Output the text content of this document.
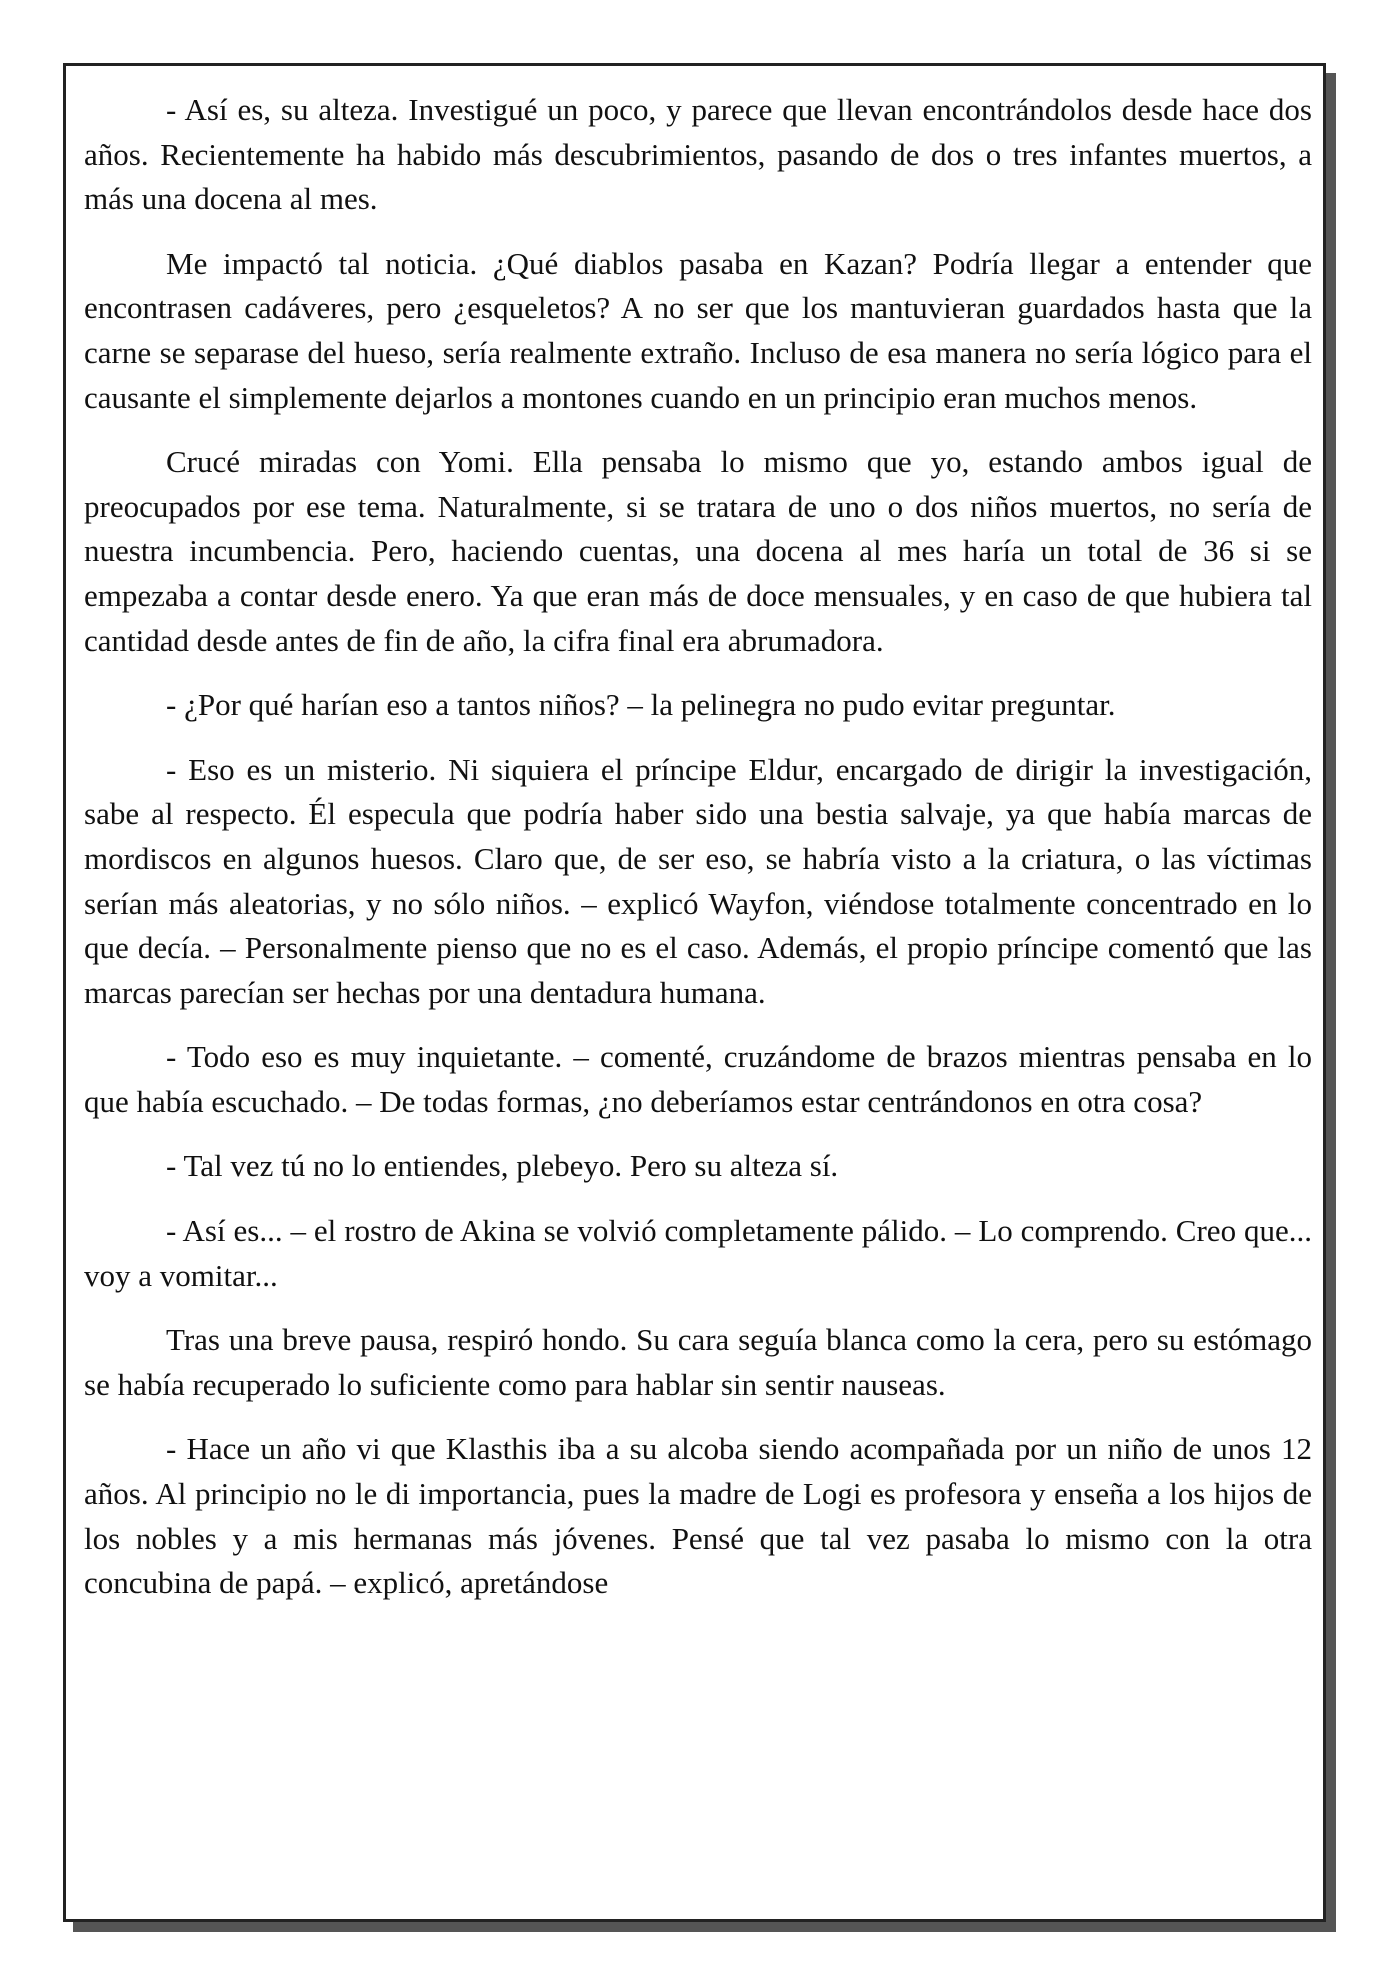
- Así es, su alteza. Investigué un poco, y parece que llevan encontrándolos desde hace dos años. Recientemente ha habido más descubrimientos, pasando de dos o tres infantes muertos, a más una docena al mes.

Me impactó tal noticia. ¿Qué diablos pasaba en Kazan? Podría llegar a entender que encontrasen cadáveres, pero ¿esqueletos? A no ser que los mantuvieran guardados hasta que la carne se separase del hueso, sería realmente extraño. Incluso de esa manera no sería lógico para el causante el simplemente dejarlos a montones cuando en un principio eran muchos menos.

Crucé miradas con Yomi. Ella pensaba lo mismo que yo, estando ambos igual de preocupados por ese tema. Naturalmente, si se tratara de uno o dos niños muertos, no sería de nuestra incumbencia. Pero, haciendo cuentas, una docena al mes haría un total de 36 si se empezaba a contar desde enero. Ya que eran más de doce mensuales, y en caso de que hubiera tal cantidad desde antes de fin de año, la cifra final era abrumadora.

- ¿Por qué harían eso a tantos niños? – la pelinegra no pudo evitar preguntar.

- Eso es un misterio. Ni siquiera el príncipe Eldur, encargado de dirigir la investigación, sabe al respecto. Él especula que podría haber sido una bestia salvaje, ya que había marcas de mordiscos en algunos huesos. Claro que, de ser eso, se habría visto a la criatura, o las víctimas serían más aleatorias, y no sólo niños. – explicó Wayfon, viéndose totalmente concentrado en lo que decía. – Personalmente pienso que no es el caso. Además, el propio príncipe comentó que las marcas parecían ser hechas por una dentadura humana.

- Todo eso es muy inquietante. – comenté, cruzándome de brazos mientras pensaba en lo que había escuchado. – De todas formas, ¿no deberíamos estar centrándonos en otra cosa?

- Tal vez tú no lo entiendes, plebeyo. Pero su alteza sí.

- Así es... – el rostro de Akina se volvió completamente pálido. – Lo comprendo. Creo que... voy a vomitar...

Tras una breve pausa, respiró hondo. Su cara seguía blanca como la cera, pero su estómago se había recuperado lo suficiente como para hablar sin sentir nauseas.

- Hace un año vi que Klasthis iba a su alcoba siendo acompañada por un niño de unos 12 años. Al principio no le di importancia, pues la madre de Logi es profesora y enseña a los hijos de los nobles y a mis hermanas más jóvenes. Pensé que tal vez pasaba lo mismo con la otra concubina de papá. – explicó, apretándose
